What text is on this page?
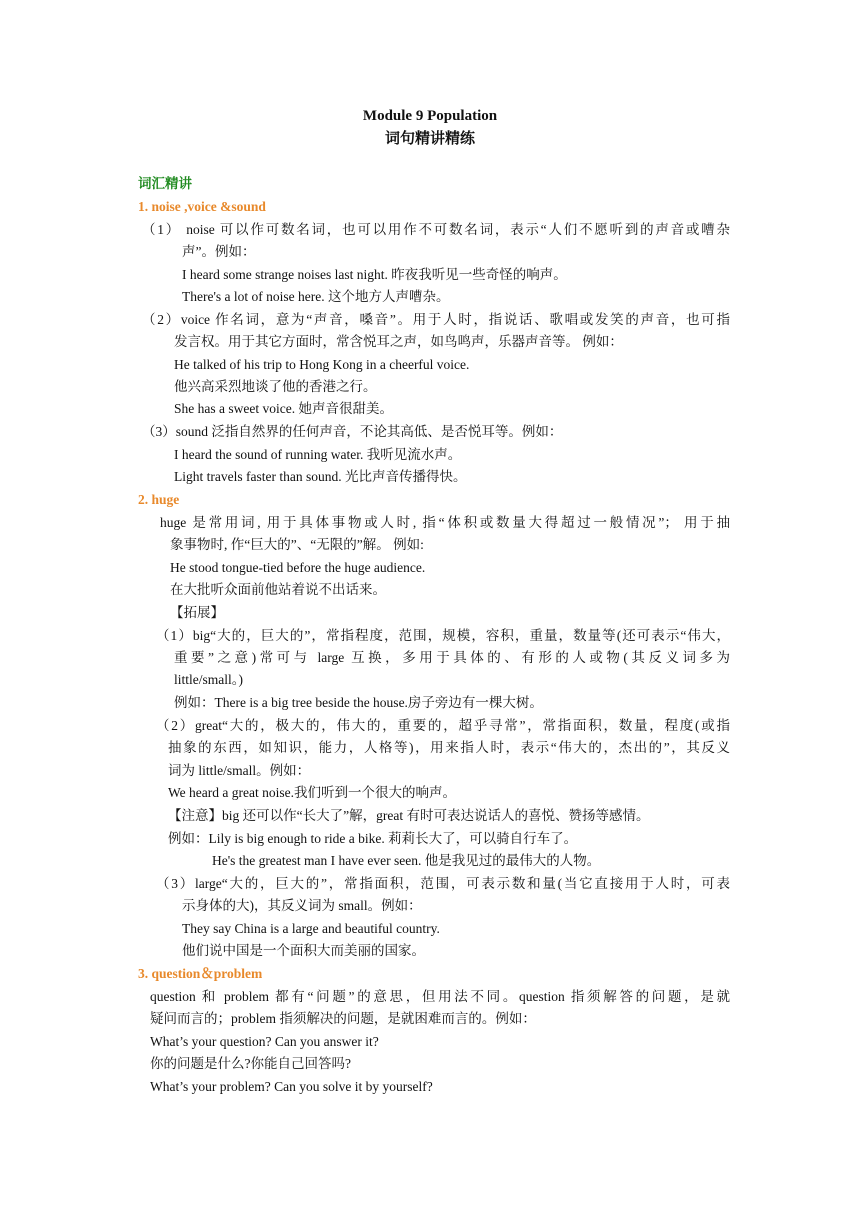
Module 9 Population
词句精讲精练
词汇精讲
1. noise ,voice &sound
（1） noise 可以作可数名词，也可以用作不可数名词，表示“人们不愿听到的声音或嘈杂
声”。例如：
I heard some strange noises last night. 昨夜我听见一些奇怪的响声。
There's a lot of noise here. 这个地方人声嘈杂。
（2）voice 作名词，意为“声音，嗓音”。用于人时，指说话、歌唱或发笑的声音，也可指
发言权。用于其它方面时，常含悦耳之声，如鸟鸣声，乐器声音等。 例如：
He talked of his trip to Hong Kong in a cheerful voice.
他兴高采烈地谈了他的香港之行。
She has a sweet voice. 她声音很甜美。
（3）sound 泛指自然界的任何声音，不论其高低、是否悦耳等。例如：
I heard the sound of running water. 我听见流水声。
Light travels faster than sound. 光比声音传播得快。
2. huge
huge 是常用词, 用于具体事物或人时, 指“体积或数量大得超过一般情况”； 用于抽
象事物时, 作“巨大的”、“无限的”解。 例如:
He stood tongue-tied before the huge audience.
在大批听众面前他站着说不出话来。
【拓展】
（1）big“大的，巨大的”，常指程度，范围，规模，容积，重量，数量等(还可表示“伟大，
重要”之意)常可与 large 互换，多用于具体的、有形的人或物(其反义词多为
little/small。)
例如：There is a big tree beside the house.房子旁边有一棵大树。
（2）great“大的，极大的，伟大的，重要的，超乎寻常”，常指面积，数量，程度(或指
抽象的东西，如知识，能力，人格等)，用来指人时，表示“伟大的，杰出的”，其反义
词为 little/small。例如：
We heard a great noise.我们听到一个很大的响声。
【注意】big 还可以作“长大了”解，great 有时可表达说话人的喜悦、赞扬等感情。
例如：Lily is big enough to ride a bike. 莉莉长大了，可以骑自行车了。
He's the greatest man I have ever seen. 他是我见过的最伟大的人物。
（3）large“大的，巨大的”，常指面积，范围，可表示数和量(当它直接用于人时，可表
示身体的大)，其反义词为 small。例如：
They say China is a large and beautiful country.
他们说中国是一个面积大而美丽的国家。
3. question＆problem
question 和 problem 都有“问题”的意思，但用法不同。question 指须解答的问题，是就
疑问而言的；problem 指须解决的问题，是就困难而言的。例如：
What’s your question? Can you answer it?
你的问题是什么?你能自己回答吗?
What’s your problem? Can you solve it by yourself?
